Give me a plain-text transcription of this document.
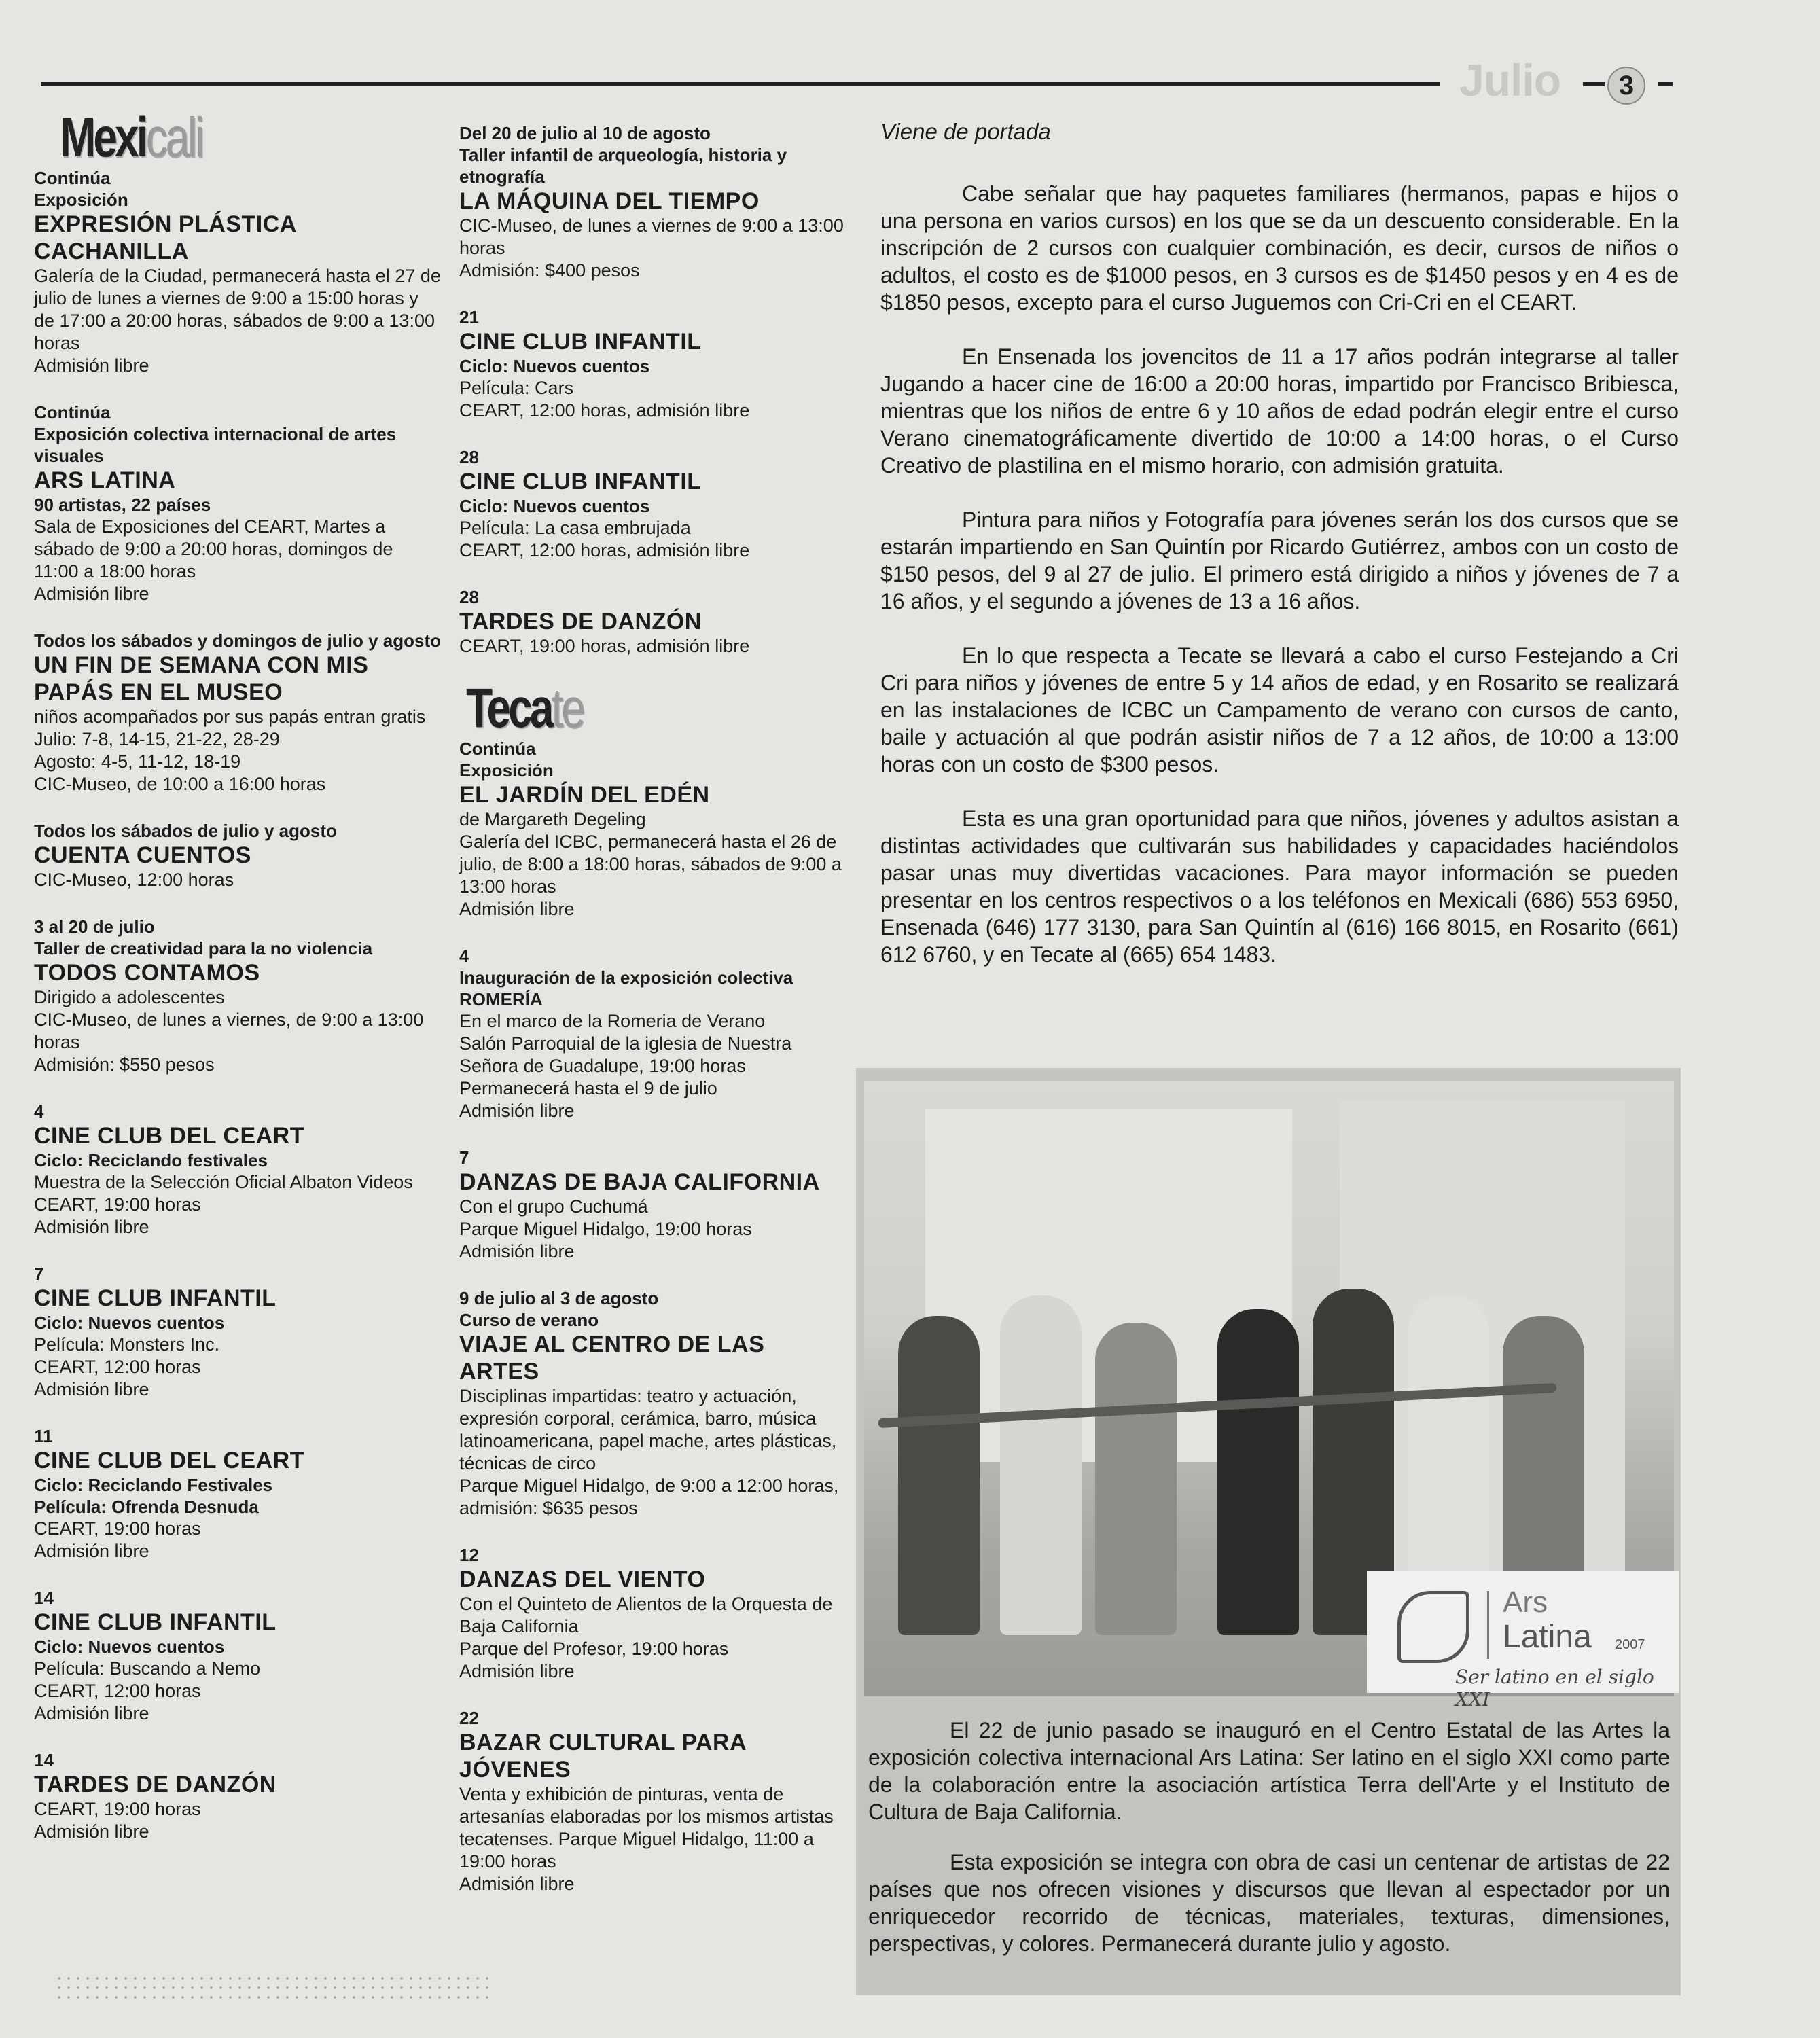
Julio	3
Mexicali
Continúa
Exposición
EXPRESIÓN PLÁSTICA CACHANILLA
Galería de la Ciudad, permanecerá hasta el 27 de julio de lunes a viernes de 9:00 a 15:00 horas y de 17:00 a 20:00 horas, sábados de 9:00 a 13:00 horas
Admisión libre
Continúa
Exposición colectiva internacional de artes visuales
ARS LATINA
90 artistas, 22 países
Sala de Exposiciones del CEART, Martes a sábado de 9:00 a 20:00 horas, domingos de 11:00 a 18:00 horas
Admisión libre
Todos los sábados y domingos de julio y agosto
UN FIN DE SEMANA CON MIS PAPÁS EN EL MUSEO
niños acompañados por sus papás entran gratis
Julio: 7-8, 14-15, 21-22, 28-29
Agosto: 4-5, 11-12, 18-19
CIC-Museo, de 10:00 a 16:00 horas
Todos los sábados de julio y agosto
CUENTA CUENTOS
CIC-Museo, 12:00 horas
3 al 20 de julio
Taller de creatividad para la no violencia
TODOS CONTAMOS
Dirigido a adolescentes
CIC-Museo, de lunes a viernes, de 9:00 a 13:00 horas
Admisión: $550 pesos
4
CINE CLUB DEL CEART
Ciclo: Reciclando festivales
Muestra de la Selección Oficial Albaton Videos
CEART, 19:00 horas
Admisión libre
7
CINE CLUB INFANTIL
Ciclo: Nuevos cuentos
Película: Monsters Inc.
CEART, 12:00 horas
Admisión libre
11
CINE CLUB DEL CEART
Ciclo: Reciclando Festivales
Película: Ofrenda Desnuda
CEART, 19:00 horas
Admisión libre
14
CINE CLUB INFANTIL
Ciclo: Nuevos cuentos
Película: Buscando a Nemo
CEART, 12:00 horas
Admisión libre
14
TARDES DE DANZÓN
CEART, 19:00 horas
Admisión libre
Del 20 de julio al 10 de agosto
Taller infantil de arqueología, historia y etnografía
LA MÁQUINA DEL TIEMPO
CIC-Museo, de lunes a viernes de 9:00 a 13:00 horas
Admisión: $400 pesos
21
CINE CLUB INFANTIL
Ciclo: Nuevos cuentos
Película: Cars
CEART, 12:00 horas, admisión libre
28
CINE CLUB INFANTIL
Ciclo: Nuevos cuentos
Película: La casa embrujada
CEART, 12:00 horas, admisión libre
28
TARDES DE DANZÓN
CEART, 19:00 horas, admisión libre
Tecate
Continúa
Exposición
EL JARDÍN DEL EDÉN
de Margareth Degeling
Galería del ICBC, permanecerá hasta el 26 de julio, de 8:00 a 18:00 horas, sábados de 9:00 a 13:00 horas
Admisión libre
4
Inauguración de la exposición colectiva
ROMERÍA
En el marco de la Romeria de Verano
Salón Parroquial de la iglesia de Nuestra Señora de Guadalupe, 19:00 horas
Permanecerá hasta el 9 de julio
Admisión libre
7
DANZAS DE BAJA CALIFORNIA
Con el grupo Cuchumá
Parque Miguel Hidalgo, 19:00 horas
Admisión libre
9 de julio al 3 de agosto
Curso de verano
VIAJE AL CENTRO DE LAS ARTES
Disciplinas impartidas: teatro y actuación, expresión corporal, cerámica, barro, música latinoamericana, papel mache, artes plásticas, técnicas de circo
Parque Miguel Hidalgo, de 9:00 a 12:00 horas, admisión: $635 pesos
12
DANZAS DEL VIENTO
Con el Quinteto de Alientos de la Orquesta de Baja California
Parque del Profesor, 19:00 horas
Admisión libre
22
BAZAR CULTURAL PARA JÓVENES
Venta y exhibición de pinturas, venta de artesanías elaboradas por los mismos artistas tecatenses. Parque Miguel Hidalgo, 11:00 a 19:00 horas
Admisión libre
Viene de portada

Cabe señalar que hay paquetes familiares (hermanos, papas e hijos o una persona en varios cursos) en los que se da un descuento considerable. En la inscripción de 2 cursos con cualquier combinación, es decir, cursos de niños o adultos, el costo es de $1000 pesos, en 3 cursos es de $1450 pesos y en 4 es de $1850 pesos, excepto para el curso Juguemos con Cri-Cri en el CEART.

En Ensenada los jovencitos de 11 a 17 años podrán integrarse al taller Jugando a hacer cine de 16:00 a 20:00 horas, impartido por Francisco Bribiesca, mientras que los niños de entre 6 y 10 años de edad podrán elegir entre el curso Verano cinematográficamente divertido de 10:00 a 14:00 horas, o el Curso Creativo de plastilina en el mismo horario, con admisión gratuita.

Pintura para niños y Fotografía para jóvenes serán los dos cursos que se estarán impartiendo en San Quintín por Ricardo Gutiérrez, ambos con un costo de $150 pesos, del 9 al 27 de julio. El primero está dirigido a niños y jóvenes de 7 a 16 años, y el segundo a jóvenes de 13 a 16 años.

En lo que respecta a Tecate se llevará a cabo el curso Festejando a Cri Cri para niños y jóvenes de entre 5 y 14 años de edad, y en Rosarito se realizará en las instalaciones de ICBC un Campamento de verano con cursos de canto, baile y actuación al que podrán asistir niños de 7 a 12 años, de 10:00 a 13:00 horas con un costo de $300 pesos.

Esta es una gran oportunidad para que niños, jóvenes y adultos asistan a distintas actividades que cultivarán sus habilidades y capacidades haciéndolos pasar unas muy divertidas vacaciones. Para mayor información se pueden presentar en los centros respectivos o a los teléfonos en Mexicali (686) 553 6950, Ensenada (646) 177 3130, para San Quintín al (616) 166 8015, en Rosarito (661) 612 6760, y en Tecate al (665) 654 1483.

Ars
Latina 2007
Ser latino en el siglo XXI

El 22 de junio pasado se inauguró en el Centro Estatal de las Artes la exposición colectiva internacional Ars Latina: Ser latino en el siglo XXI como parte de la colaboración entre la asociación artística Terra dell'Arte y el Instituto de Cultura de Baja California.

Esta exposición se integra con obra de casi un centenar de artistas de 22 países que nos ofrecen visiones y discursos que llevan al espectador por un enriquecedor recorrido de técnicas, materiales, texturas, dimensiones, perspectivas, y colores. Permanecerá durante julio y agosto.
